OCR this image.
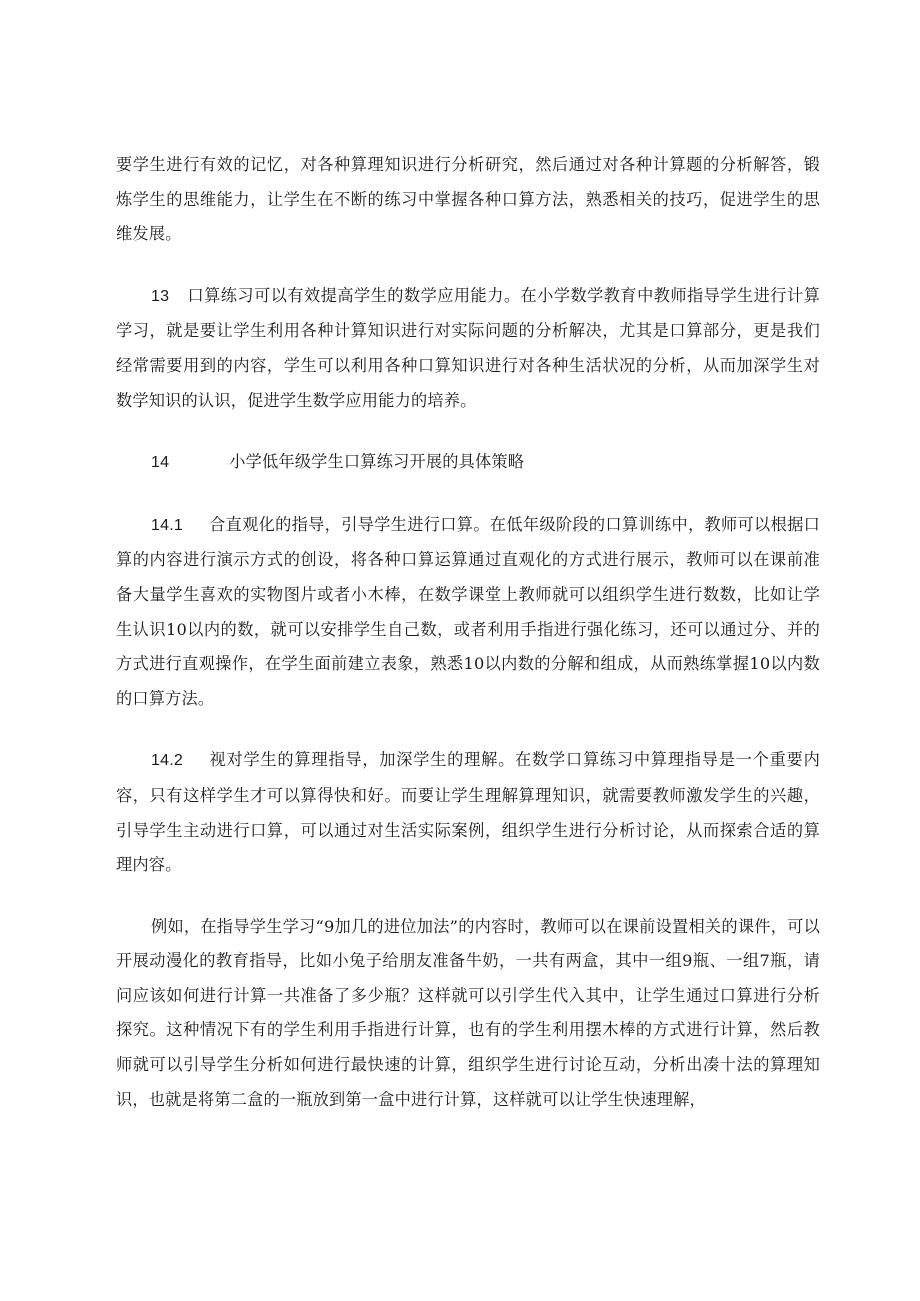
要学生进行有效的记忆，对各种算理知识进行分析研究，然后通过对各种计算题的分析解答，锻炼学生的思维能力，让学生在不断的练习中掌握各种口算方法，熟悉相关的技巧，促进学生的思维发展。

13 口算练习可以有效提高学生的数学应用能力。在小学数学教育中教师指导学生进行计算学习，就是要让学生利用各种计算知识进行对实际问题的分析解决，尤其是口算部分，更是我们经常需要用到的内容，学生可以利用各种口算知识进行对各种生活状况的分析，从而加深学生对数学知识的认识，促进学生数学应用能力的培养。

14	小学低年级学生口算练习开展的具体策略

14.1 合直观化的指导，引导学生进行口算。在低年级阶段的口算训练中，教师可以根据口算的内容进行演示方式的创设，将各种口算运算通过直观化的方式进行展示，教师可以在课前准备大量学生喜欢的实物图片或者小木棒，在数学课堂上教师就可以组织学生进行数数，比如让学生认识10以内的数，就可以安排学生自己数，或者利用手指进行强化练习，还可以通过分、并的方式进行直观操作，在学生面前建立表象，熟悉10以内数的分解和组成，从而熟练掌握10以内数的口算方法。

14.2 视对学生的算理指导，加深学生的理解。在数学口算练习中算理指导是一个重要内容，只有这样学生才可以算得快和好。而要让学生理解算理知识，就需要教师激发学生的兴趣，引导学生主动进行口算，可以通过对生活实际案例，组织学生进行分析讨论，从而探索合适的算理内容。

例如，在指导学生学习“9加几的进位加法”的内容时，教师可以在课前设置相关的课件，可以开展动漫化的教育指导，比如小兔子给朋友准备牛奶，一共有两盒，其中一组9瓶、一组7瓶，请问应该如何进行计算一共准备了多少瓶？这样就可以引学生代入其中，让学生通过口算进行分析探究。这种情况下有的学生利用手指进行计算，也有的学生利用摆木棒的方式进行计算，然后教师就可以引导学生分析如何进行最快速的计算，组织学生进行讨论互动，分析出凑十法的算理知识，也就是将第二盒的一瓶放到第一盒中进行计算，这样就可以让学生快速理解，
